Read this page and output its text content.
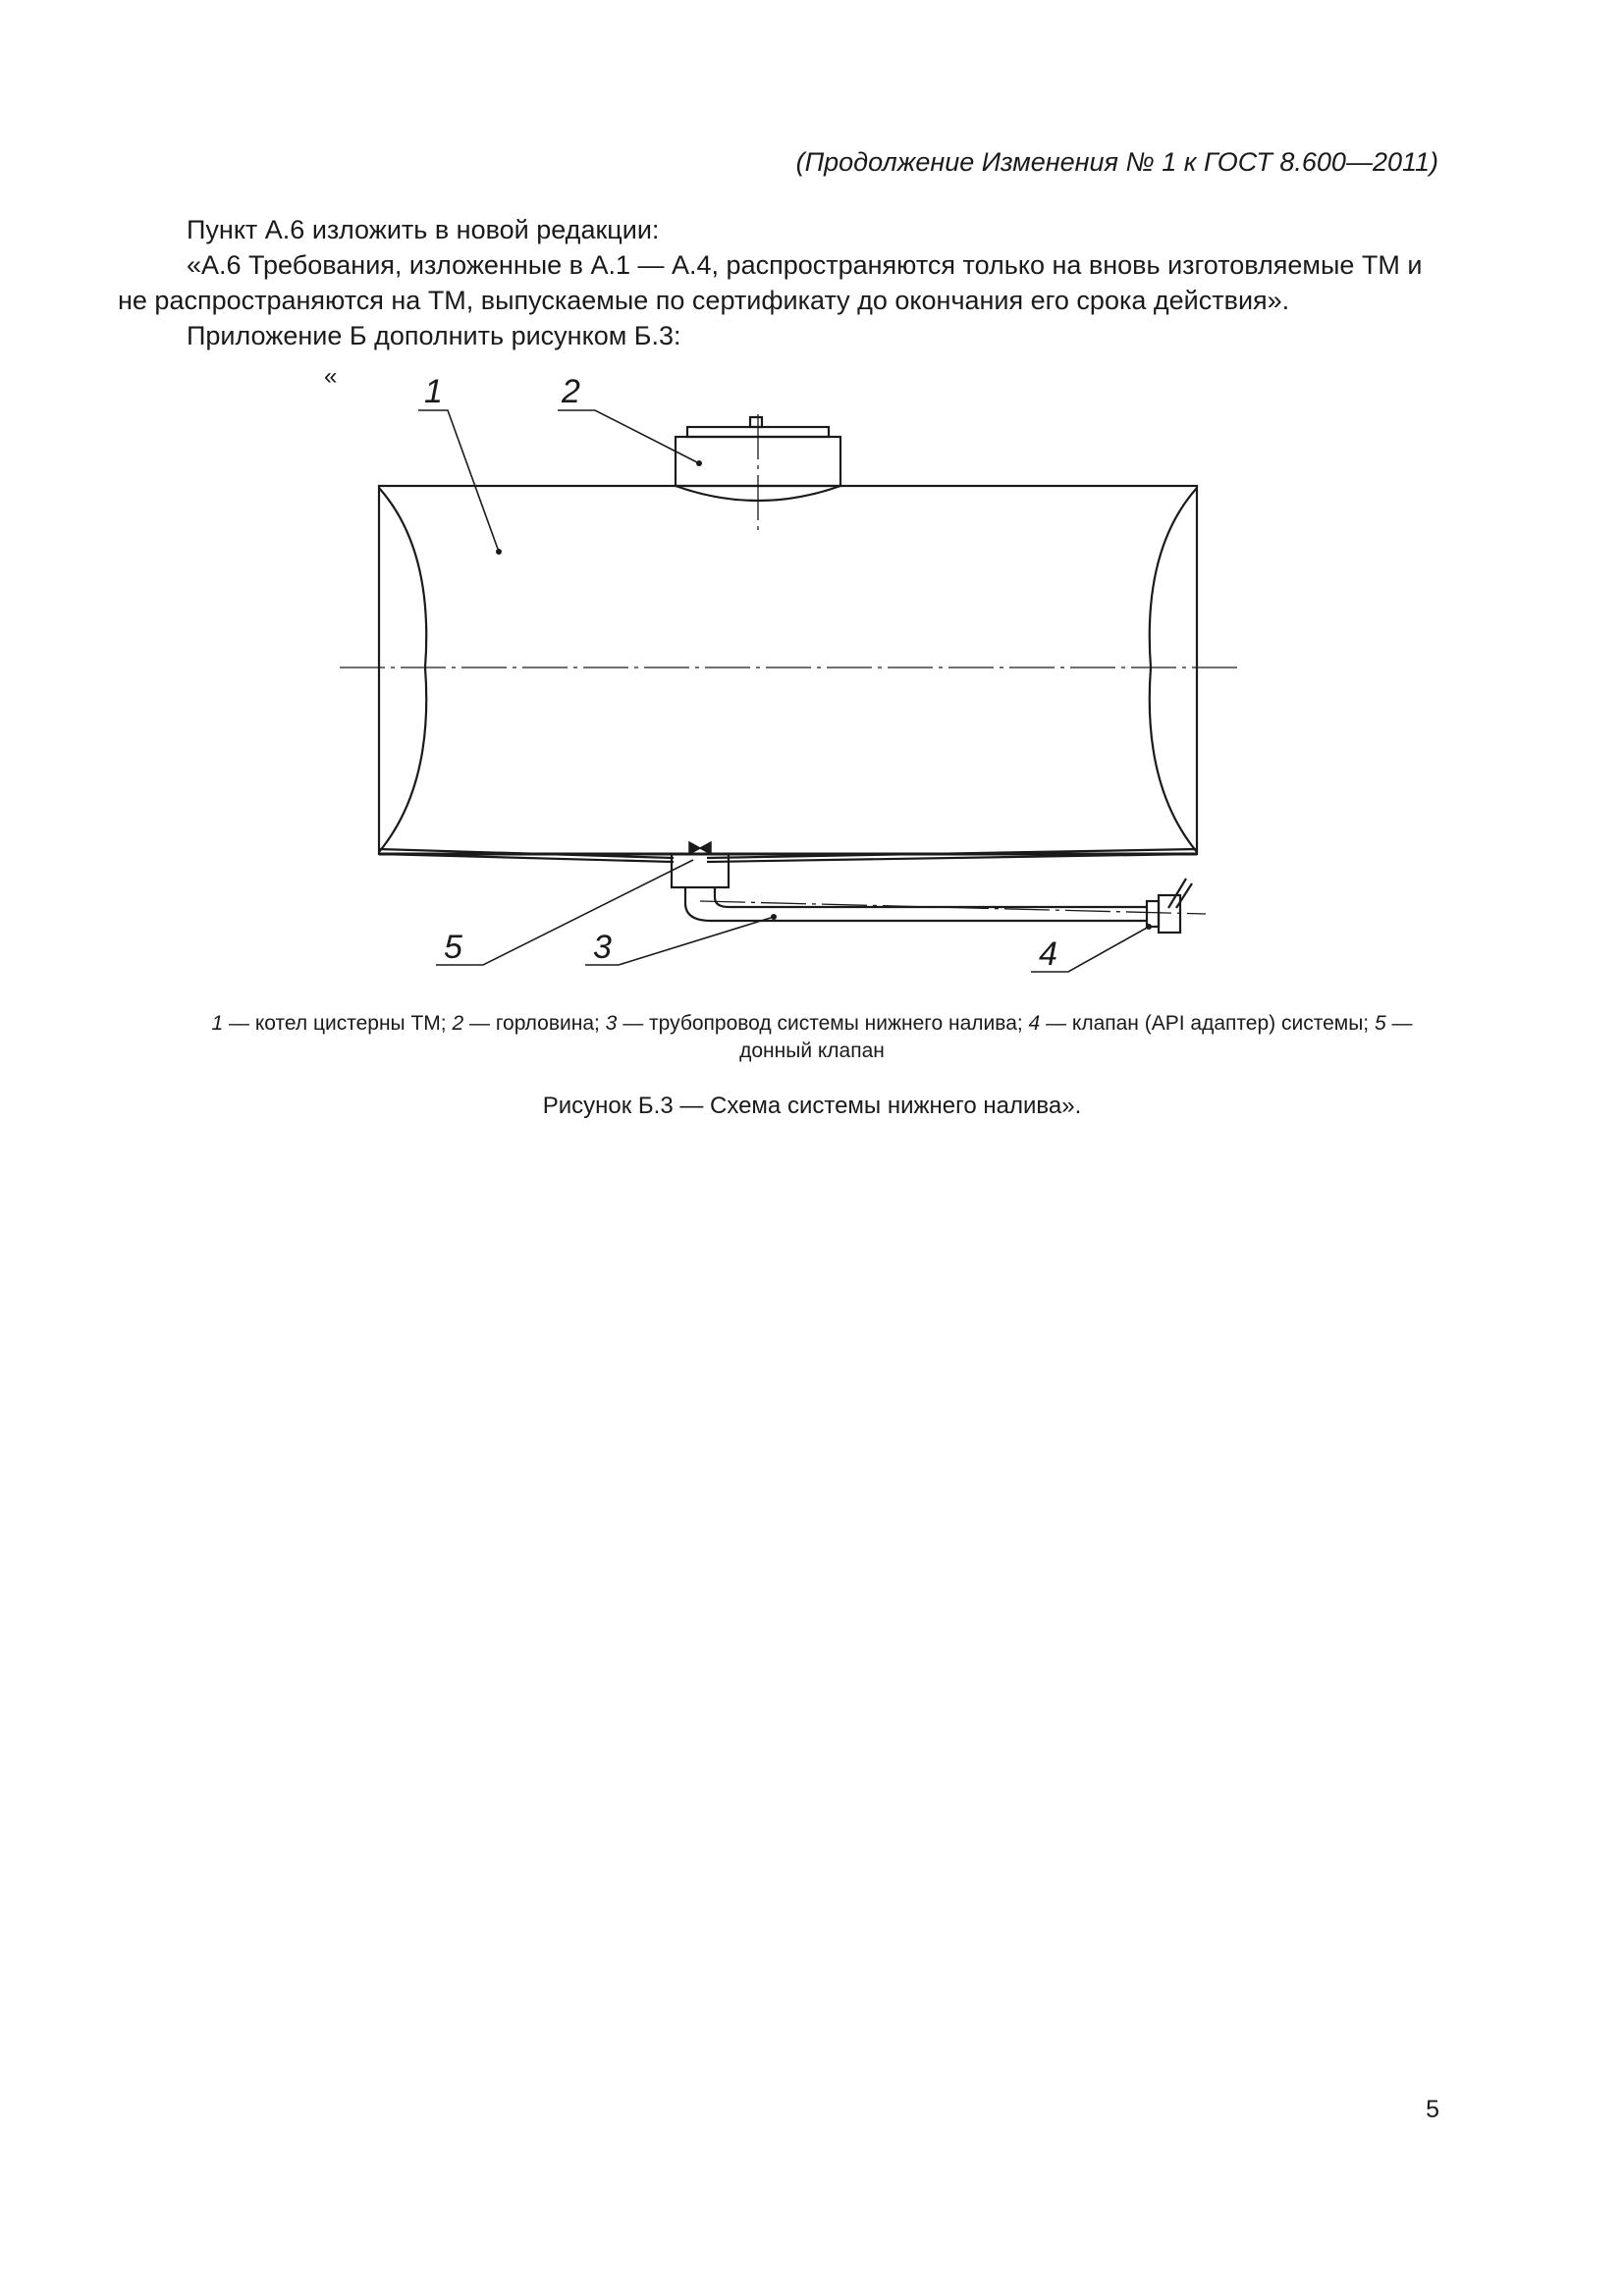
(Продолжение Изменения № 1 к ГОСТ 8.600—2011)

Пункт А.6 изложить в новой редакции:

«А.6 Требования, изложенные в А.1 — А.4, распространяются только на вновь изготовляемые ТМ и не распространяются на ТМ, выпускаемые по сертификату до окончания его срока действия».

Приложение Б дополнить рисунком Б.3:

«	1	2
5	3	4
1 — котел цистерны ТМ; 2 — горловина; 3 — трубопровод системы нижнего налива; 4 — клапан (API адаптер) системы; 5 — донный клапан
Рисунок Б.3 — Схема системы нижнего налива».
5
